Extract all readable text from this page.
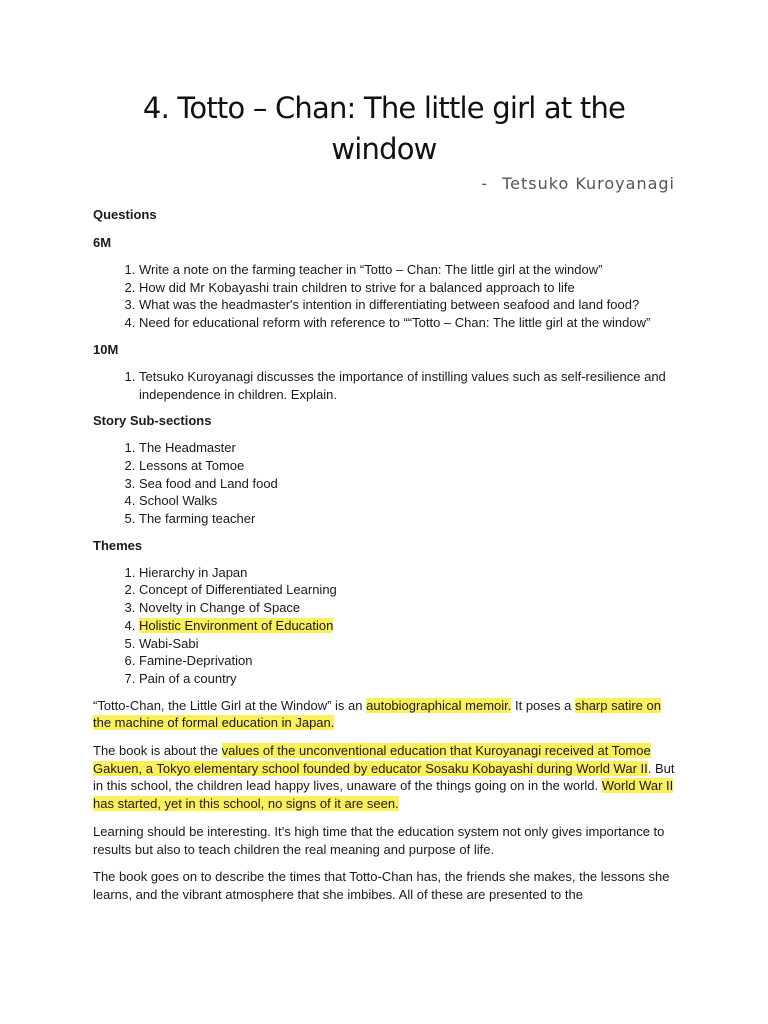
4. Totto – Chan: The little girl at the window
- Tetsuko Kuroyanagi
Questions
6M
1. Write a note on the farming teacher in “Totto – Chan: The little girl at the window”
2. How did Mr Kobayashi train children to strive for a balanced approach to life
3. What was the headmaster's intention in differentiating between seafood and land food?
4. Need for educational reform with reference to ““Totto – Chan: The little girl at the window”
10M
1. Tetsuko Kuroyanagi discusses the importance of instilling values such as self-resilience and independence in children. Explain.
Story Sub-sections
1. The Headmaster
2. Lessons at Tomoe
3. Sea food and Land food
4. School Walks
5. The farming teacher
Themes
1. Hierarchy in Japan
2. Concept of Differentiated Learning
3. Novelty in Change of Space
4. Holistic Environment of Education
5. Wabi-Sabi
6. Famine-Deprivation
7. Pain of a country

“Totto-Chan, the Little Girl at the Window” is an autobiographical memoir. It poses a sharp satire on the machine of formal education in Japan.

The book is about the values of the unconventional education that Kuroyanagi received at Tomoe Gakuen, a Tokyo elementary school founded by educator Sosaku Kobayashi during World War II. But in this school, the children lead happy lives, unaware of the things going on in the world. World War II has started, yet in this school, no signs of it are seen.

Learning should be interesting. It’s high time that the education system not only gives importance to results but also to teach children the real meaning and purpose of life.

The book goes on to describe the times that Totto-Chan has, the friends she makes, the lessons she learns, and the vibrant atmosphere that she imbibes. All of these are presented to the
